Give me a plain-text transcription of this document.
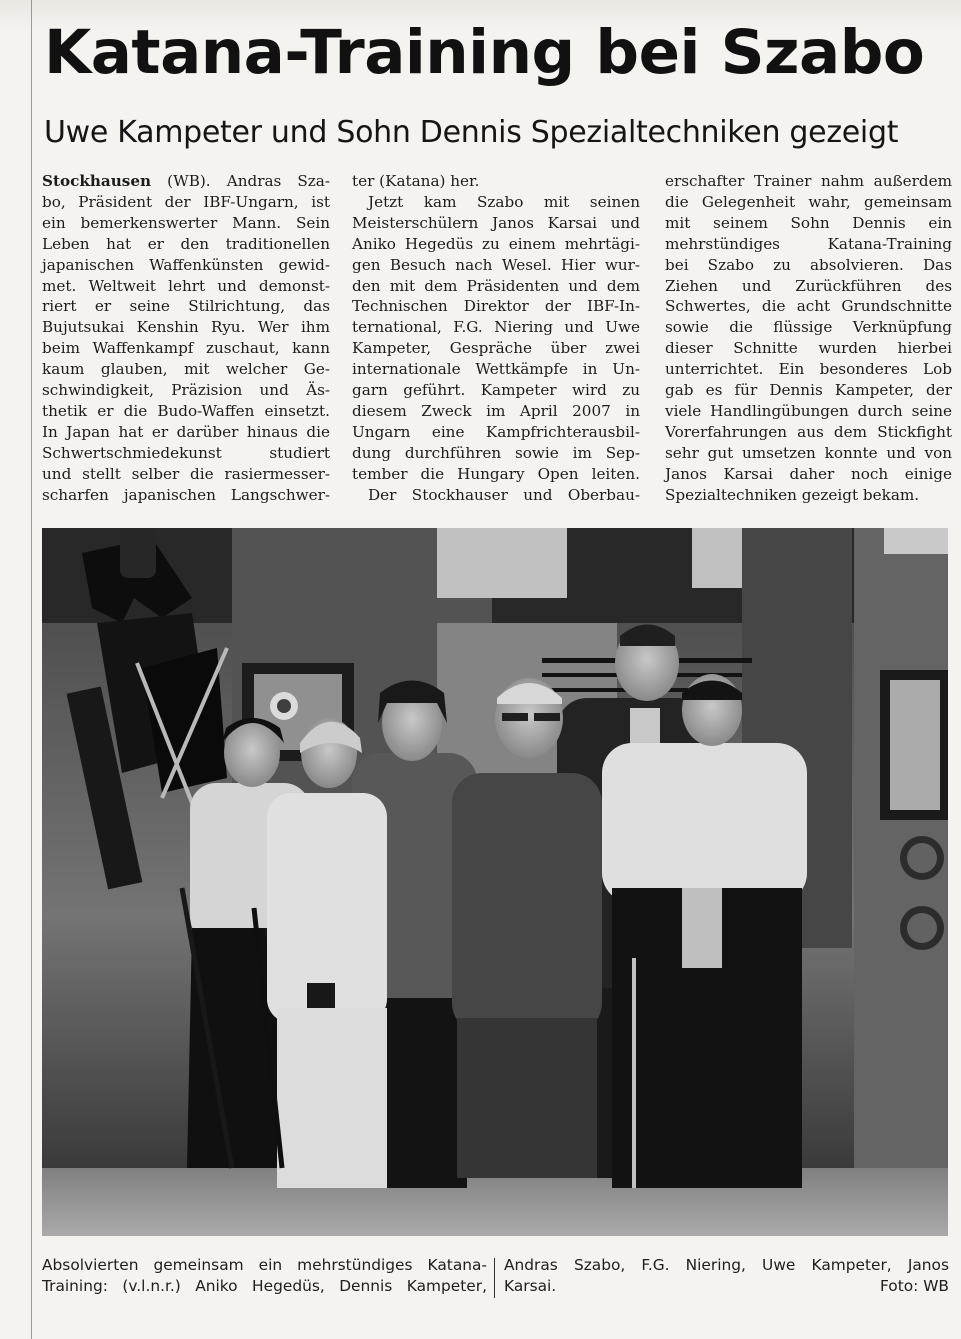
Katana-Training bei Szabo
Uwe Kampeter und Sohn Dennis Spezialtechniken gezeigt
Stockhausen (WB). Andras Sza-
bo, Präsident der IBF-Ungarn, ist
ein bemerkenswerter Mann. Sein
Leben hat er den traditionellen
japanischen Waffenkünsten gewid-
met. Weltweit lehrt und demonst-
riert er seine Stilrichtung, das
Bujutsukai Kenshin Ryu. Wer ihm
beim Waffenkampf zuschaut, kann
kaum glauben, mit welcher Ge-
schwindigkeit, Präzision und Äs-
thetik er die Budo-Waffen einsetzt.
In Japan hat er darüber hinaus die
Schwertschmiedekunst studiert
und stellt selber die rasiermesser-
scharfen japanischen Langschwer-
ter (Katana) her.
Jetzt kam Szabo mit seinen
Meisterschülern Janos Karsai und
Aniko Hegedüs zu einem mehrtägi-
gen Besuch nach Wesel. Hier wur-
den mit dem Präsidenten und dem
Technischen Direktor der IBF-In-
ternational, F.G. Niering und Uwe
Kampeter, Gespräche über zwei
internationale Wettkämpfe in Un-
garn geführt. Kampeter wird zu
diesem Zweck im April 2007 in
Ungarn eine Kampfrichterausbil-
dung durchführen sowie im Sep-
tember die Hungary Open leiten.
Der Stockhauser und Oberbau-
erschafter Trainer nahm außerdem
die Gelegenheit wahr, gemeinsam
mit seinem Sohn Dennis ein
mehrstündiges Katana-Training
bei Szabo zu absolvieren. Das
Ziehen und Zurückführen des
Schwertes, die acht Grundschnitte
sowie die flüssige Verknüpfung
dieser Schnitte wurden hierbei
unterrichtet. Ein besonderes Lob
gab es für Dennis Kampeter, der
viele Handlingübungen durch seine
Vorerfahrungen aus dem Stickfight
sehr gut umsetzen konnte und von
Janos Karsai daher noch einige
Spezialtechniken gezeigt bekam.
Absolvierten gemeinsam ein mehrstündiges Katana-
Training: (v.l.n.r.) Aniko Hegedüs, Dennis Kampeter,
Andras Szabo, F.G. Niering, Uwe Kampeter, Janos
Karsai.	Foto: WB
